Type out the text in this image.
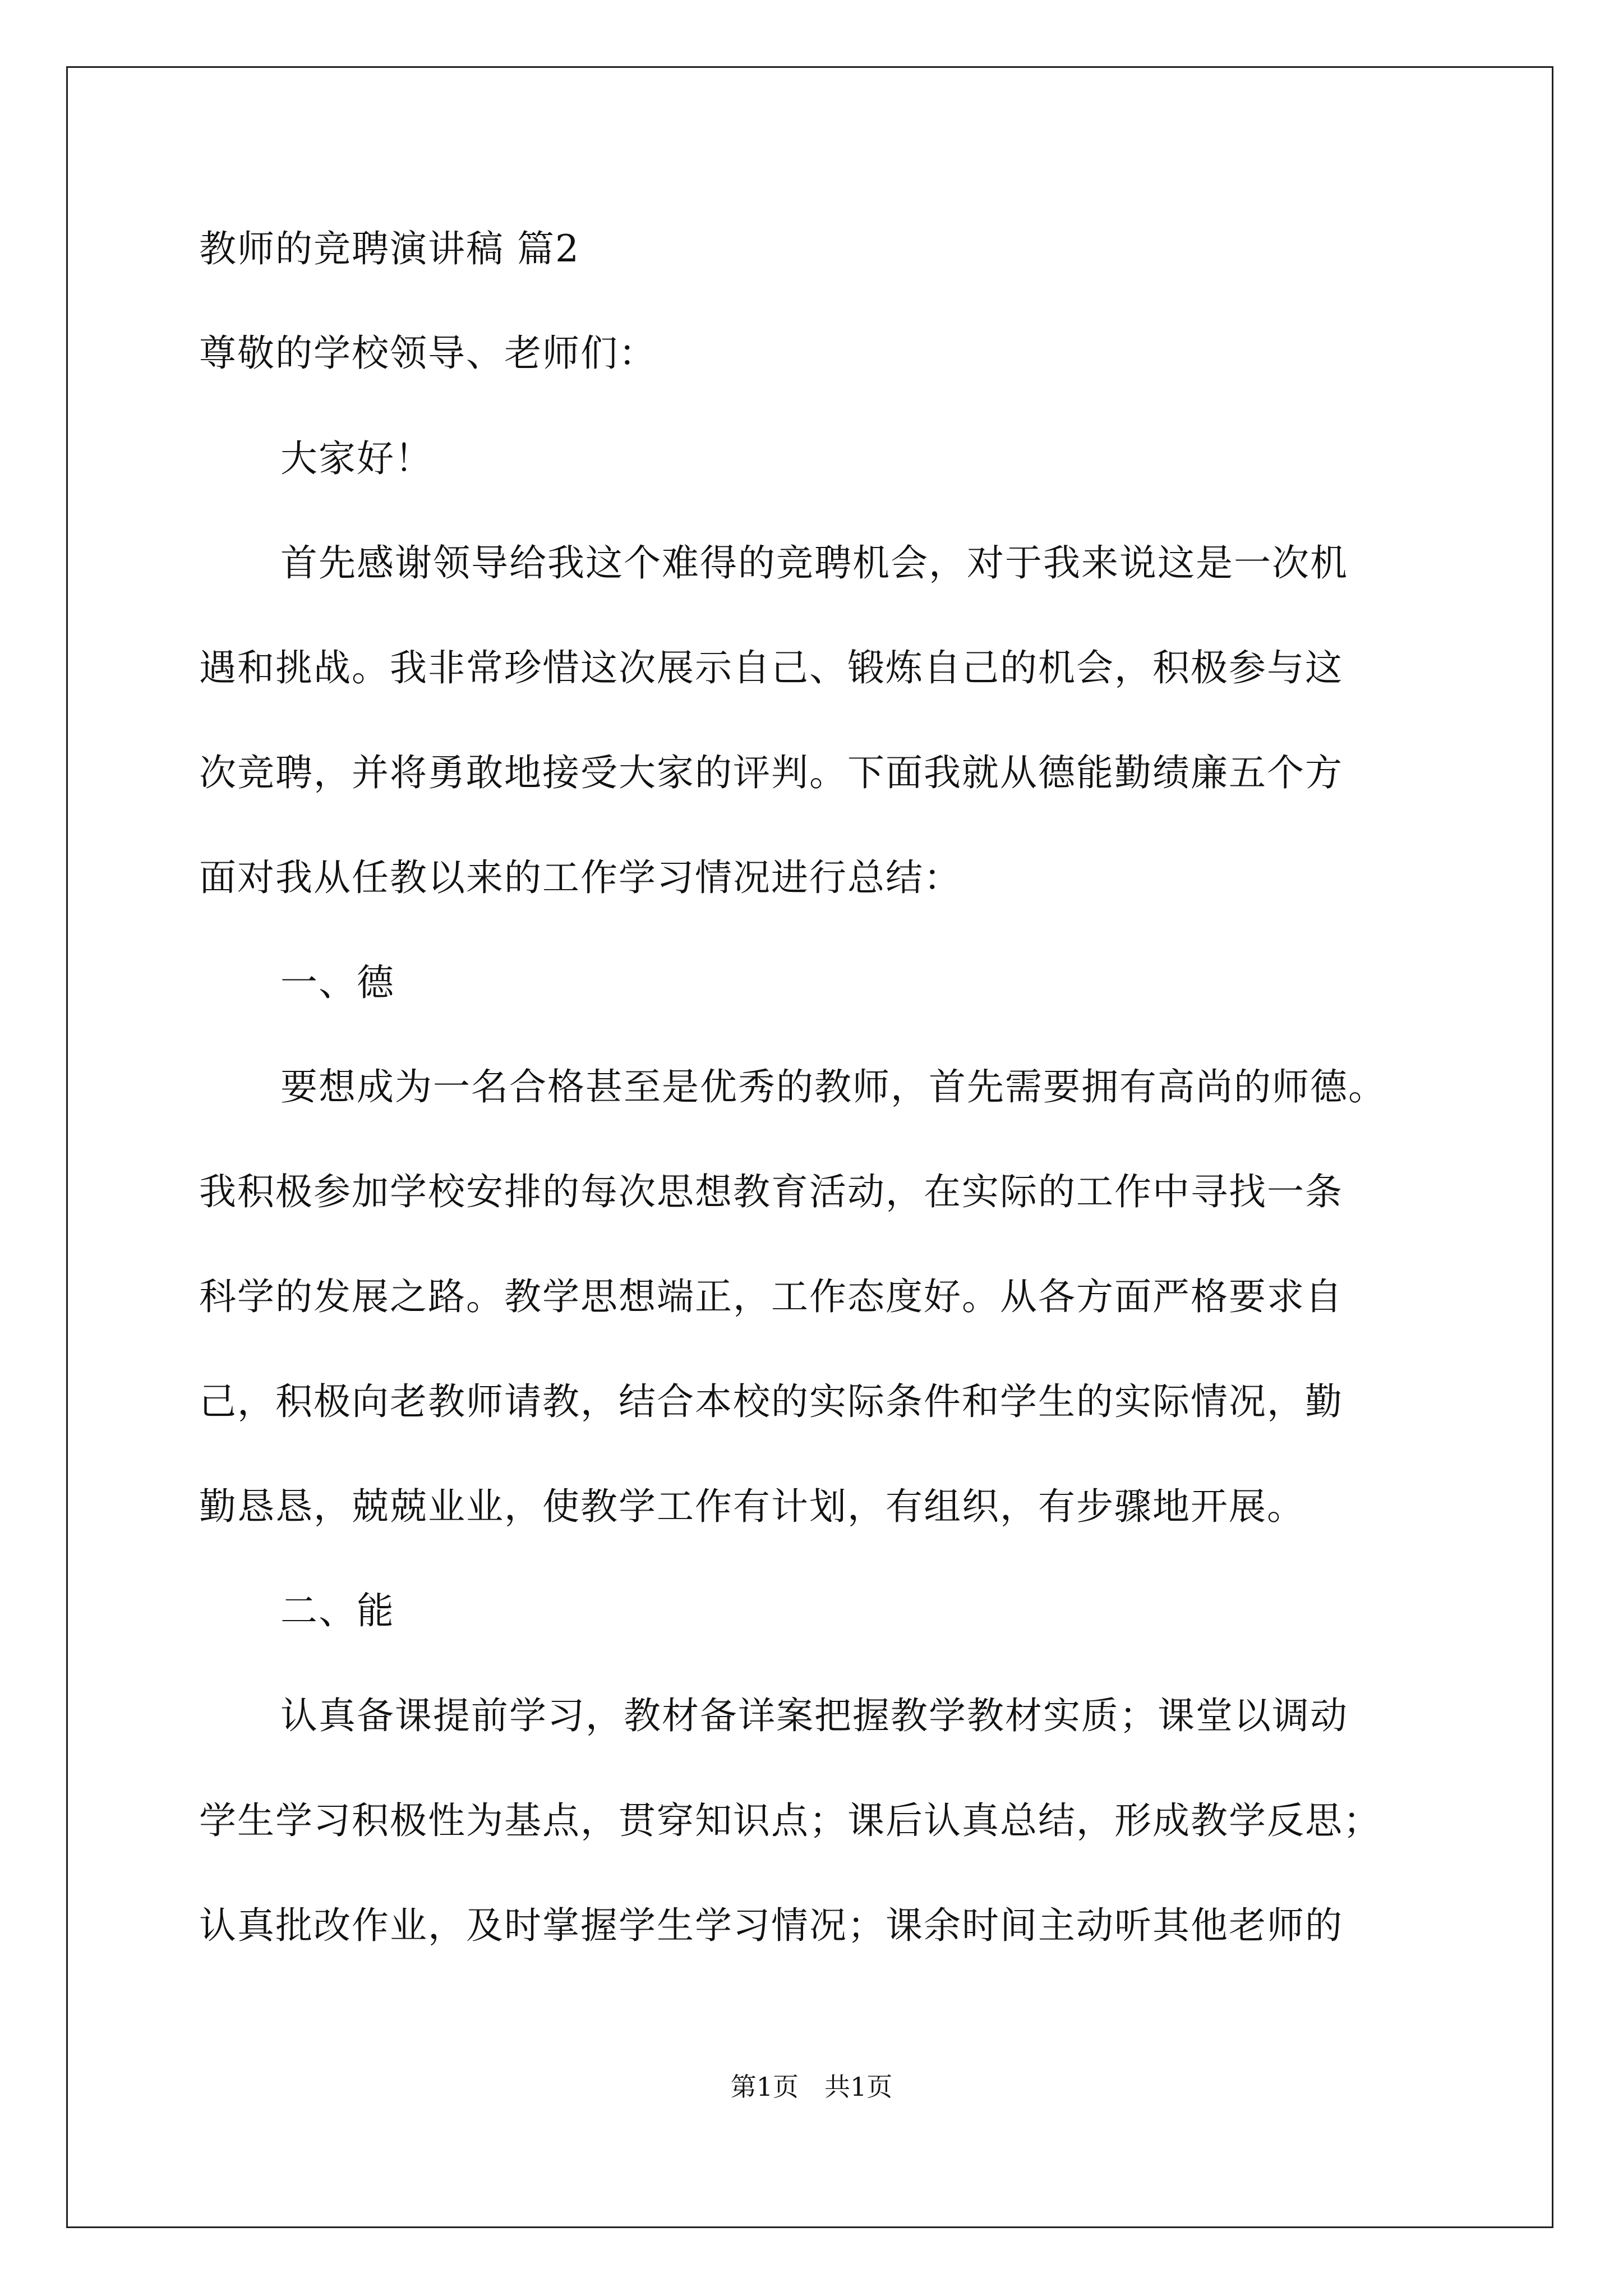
教师的竞聘演讲稿 篇2
尊敬的学校领导、老师们：
大家好！
首先感谢领导给我这个难得的竞聘机会，对于我来说这是一次机
遇和挑战。我非常珍惜这次展示自己、锻炼自己的机会，积极参与这
次竞聘，并将勇敢地接受大家的评判。下面我就从德能勤绩廉五个方
面对我从任教以来的工作学习情况进行总结：
一、德
要想成为一名合格甚至是优秀的教师，首先需要拥有高尚的师德。
我积极参加学校安排的每次思想教育活动，在实际的工作中寻找一条
科学的发展之路。教学思想端正，工作态度好。从各方面严格要求自
己，积极向老教师请教，结合本校的实际条件和学生的实际情况，勤
勤恳恳，兢兢业业，使教学工作有计划，有组织，有步骤地开展。
二、能
认真备课提前学习，教材备详案把握教学教材实质；课堂以调动
学生学习积极性为基点，贯穿知识点；课后认真总结，形成教学反思；
认真批改作业，及时掌握学生学习情况；课余时间主动听其他老师的
第1页　共1页
